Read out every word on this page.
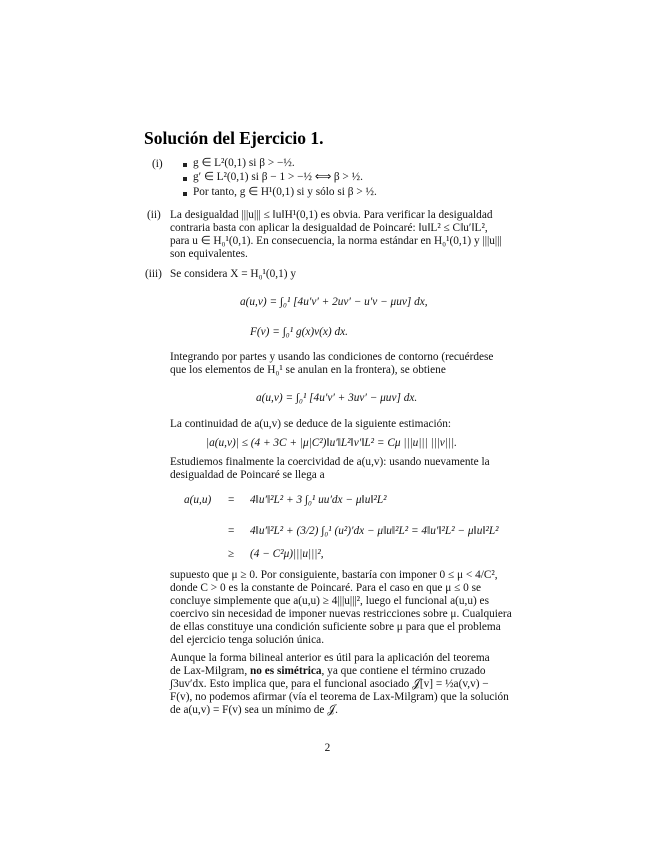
Solución del Ejercicio 1.
(i)	g ∈ L²(0,1) si β > −½.
g′ ∈ L²(0,1) si β − 1 > −½ ⟺ β > ½.
Por tanto, g ∈ H¹(0,1) si y sólo si β > ½.
(ii) La desigualdad |||u||| ≤ ‖u‖H¹(0,1) es obvia. Para verificar la desigualdad
contraria basta con aplicar la desigualdad de Poincaré: ‖u‖L² ≤ C‖u′‖L²,
para u ∈ H₀¹(0,1). En consecuencia, la norma estándar en H₀¹(0,1) y |||u|||
son equivalentes.
(iii) Se considera X = H₀¹(0,1) y
a(u,v) = ∫₀¹ [4u′v′ + 2uv′ − u′v − μuv] dx,
F(v) = ∫₀¹ g(x)v(x) dx.
Integrando por partes y usando las condiciones de contorno (recuérdese
que los elementos de H₀¹ se anulan en la frontera), se obtiene
a(u,v) = ∫₀¹ [4u′v′ + 3uv′ − μuv] dx.
La continuidad de a(u,v) se deduce de la siguiente estimación:
|a(u,v)| ≤ (4 + 3C + |μ|C²)‖u′‖L²‖v′‖L² = Cμ |||u||| |||v|||.
Estudiemos finalmente la coercividad de a(u,v): usando nuevamente la
desigualdad de Poincaré se llega a
a(u,u) = 4‖u′‖²L² + 3 ∫₀¹ uu′dx − μ‖u‖²L²
= 4‖u′‖²L² + (3/2) ∫₀¹ (u²)′dx − μ‖u‖²L² = 4‖u′‖²L² − μ‖u‖²L²
≥ (4 − C²μ)|||u|||²,
supuesto que μ ≥ 0. Por consiguiente, bastaría con imponer 0 ≤ μ < 4/C²,
donde C > 0 es la constante de Poincaré. Para el caso en que μ ≤ 0 se
concluye simplemente que a(u,u) ≥ 4|||u|||², luego el funcional a(u,u) es
coercivo sin necesidad de imponer nuevas restricciones sobre μ. Cualquiera
de ellas constituye una condición suficiente sobre μ para que el problema
del ejercicio tenga solución única.
Aunque la forma bilineal anterior es útil para la aplicación del teorema
de Lax-Milgram, no es simétrica, ya que contiene el término cruzado
∫3uv′dx. Esto implica que, para el funcional asociado 𝒥[v] = ½a(v,v) −
F(v), no podemos afirmar (vía el teorema de Lax-Milgram) que la solución
de a(u,v) = F(v) sea un mínimo de 𝒥.
2
